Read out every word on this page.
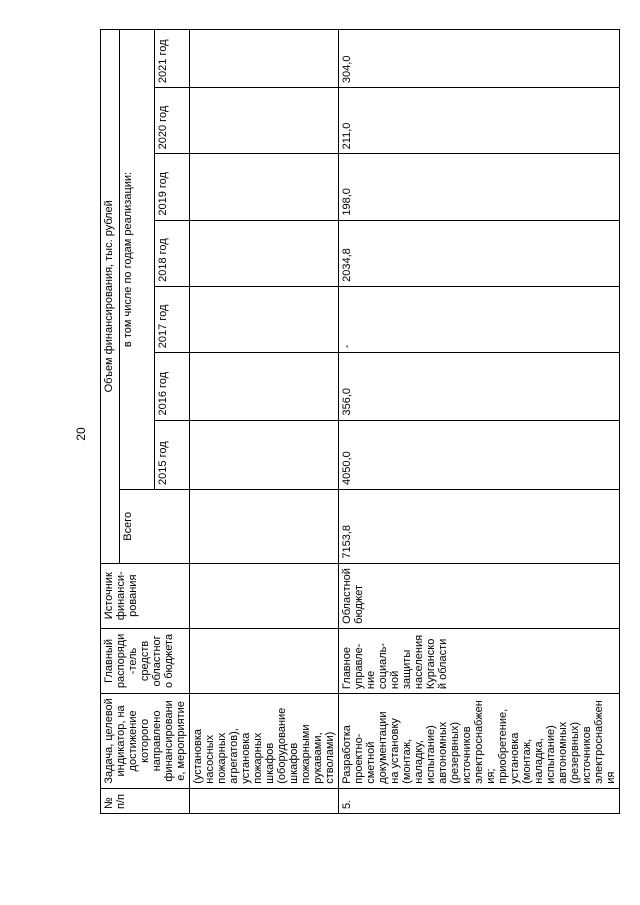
20
№ п/п	Задача, целевой индикатор, на достижение которого направлено финансирование, мероприятие	Главный распоряди-тель средств областного бюджета	Источник финанси-рования	Объем финансирования, тыс. рублей							
				Всего	в том числе по годам реализации:						
					2015 год	2016 год	2017 год	2018 год	2019 год	2020 год	2021 год
	(установка насосных пожарных агрегатов), установка пожарных шкафов (оборудование шкафов пожарными рукавами, стволами)										
5.	Разработка проектно-сметной документации на установку (монтаж, наладку, испытание) автономных (резервных) источников электроснабжения; приобретение, установка (монтаж, наладка, испытание) автономных (резервных) источников электроснабжения	Главное управле-ние социаль-ной защиты населения Курганской области	Областной бюджет	7153,8	4050,0	356,0	-	2034,8	198,0	211,0	304,0
